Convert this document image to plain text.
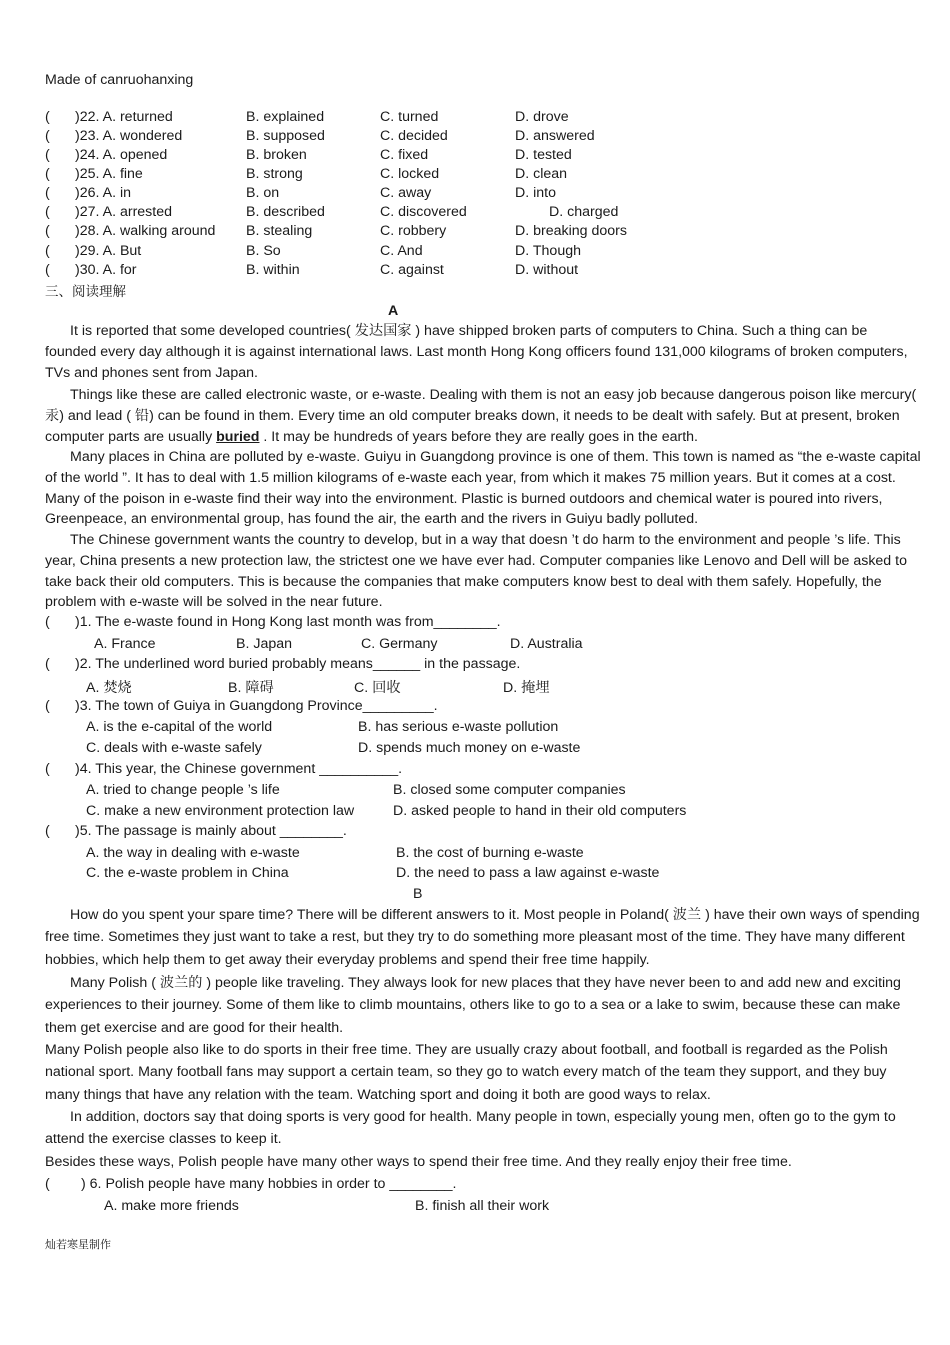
Made of canruohanxing
( )22. A. returned	B. explained	C. turned	D. drove
( )23. A. wondered	B. supposed	C. decided	D. answered
( )24. A. opened	B. broken	C. fixed	D. tested
( )25. A. fine	B. strong	C. locked	D. clean
( )26. A. in	B. on	C. away	D. into
( )27. A. arrested	B. described	C. discovered	D. charged
( )28. A. walking around B. stealing	C. robbery	D. breaking doors
( )29. A. But	B. So	C. And	D. Though
( )30. A. for	B. within	C. against	D. without
三、阅读理解
A

It is reported that some developed countries( 发达国家 ) have shipped broken parts of computers to China. Such a thing can be founded every day although it is against international laws. Last month Hong Kong officers found 131,000 kilograms of broken computers, TVs and phones sent from Japan.

Things like these are called electronic waste, or e-waste. Dealing with them is not an easy job because dangerous poison like mercury( 汞) and lead ( 铅) can be found in them. Every time an old computer breaks down, it needs to be dealt with safely. But at present, broken computer parts are usually buried . It may be hundreds of years before they are really goes in the earth.

Many places in China are polluted by e-waste. Guiyu in Guangdong province is one of them. This town is named as “the e-waste capital of the world ”. It has to deal with 1.5 million kilograms of e-waste each year, from which it makes 75 million years. But it comes at a cost. Many of the poison in e-waste find their way into the environment. Plastic is burned outdoors and chemical water is poured into rivers, Greenpeace, an environmental group, has found the air, the earth and the rivers in Guiyu badly polluted.

The Chinese government wants the country to develop, but in a way that doesn ’t do harm to the environment and people ’s life. This year, China presents a new protection law, the strictest one we have ever had. Computer companies like Lenovo and Dell will be asked to take back their old computers. This is because the companies that make computers know best to deal with them safely. Hopefully, the problem with e-waste will be solved in the near future.

( )1. The e-waste found in Hong Kong last month was from________.
A. France	B. Japan	C. Germany	D. Australia
( )2. The underlined word buried probably means______ in the passage.
A. 焚烧	B. 障碍	C. 回收	D. 掩埋
( )3. The town of Guiya in Guangdong Province_________.
A. is the e-capital of the world	B. has serious e-waste pollution
C. deals with e-waste safely	D. spends much money on e-waste
( )4. This year, the Chinese government __________.
A. tried to change people ’s life	B. closed some computer companies
C. make a new environment protection law	D. asked people to hand in their old computers
( )5. The passage is mainly about ________.
A. the way in dealing with e-waste	B. the cost of burning e-waste
C. the e-waste problem in China	D. the need to pass a law against e-waste
B

How do you spent your spare time? There will be different answers to it. Most people in Poland( 波兰 ) have their own ways of spending free time. Sometimes they just want to take a rest, but they try to do something more pleasant most of the time. They have many different hobbies, which help them to get away their everyday problems and spend their free time happily.

Many Polish ( 波兰的 ) people like traveling. They always look for new places that they have never been to and add new and exciting experiences to their journey. Some of them like to climb mountains, others like to go to a sea or a lake to swim, because these can make them get exercise and are good for their health.

Many Polish people also like to do sports in their free time. They are usually crazy about football, and football is regarded as the Polish national sport. Many football fans may support a certain team, so they go to watch every match of the team they support, and they buy many things that have any relation with the team. Watching sport and doing it both are good ways to relax.

In addition, doctors say that doing sports is very good for health. Many people in town, especially young men, often go to the gym to attend the exercise classes to keep it.

Besides these ways, Polish people have many other ways to spend their free time. And they really enjoy their free time.

( ) 6. Polish people have many hobbies in order to ________.
A. make more friends	B. finish all their work
灿若寒星制作
